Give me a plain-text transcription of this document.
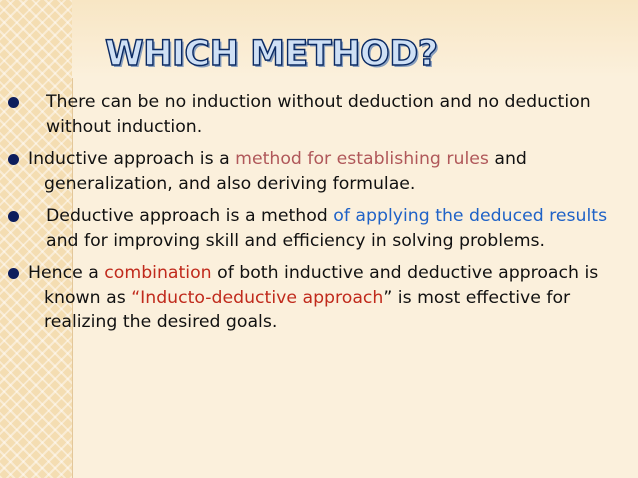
WHICH METHOD?

There can be no induction without deduction and no deduction without induction.

Inductive approach is a method for establishing rules and generalization, and also deriving formulae.

Deductive approach is a method of applying the deduced results and for improving skill and efficiency in solving problems.

Hence a combination of both inductive and deductive approach is known as “Inducto-deductive approach” is most effective for realizing the desired goals.
